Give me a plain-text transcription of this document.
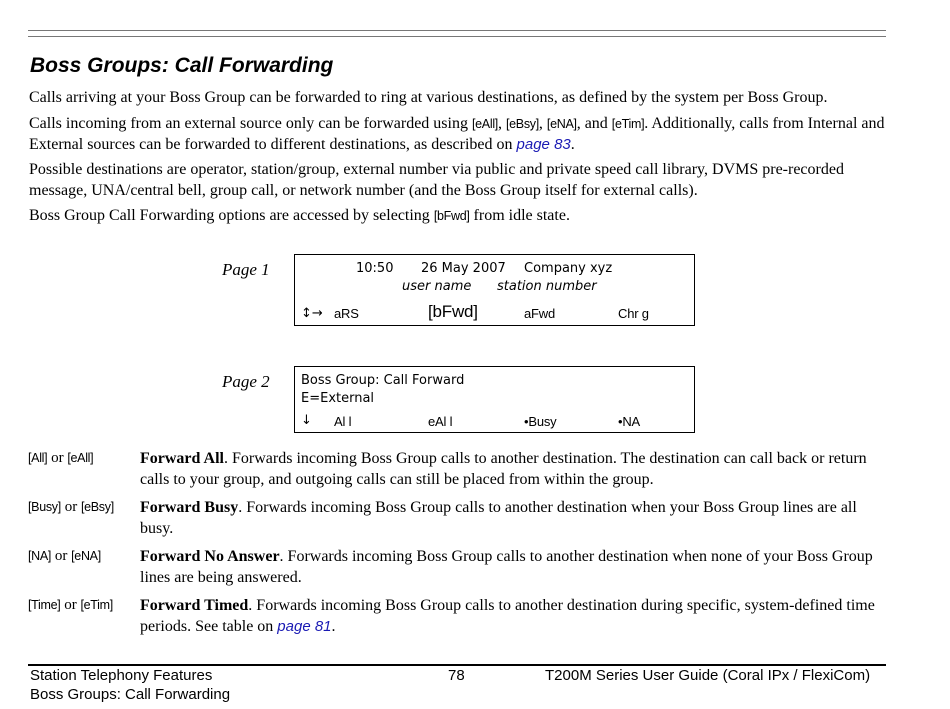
Boss Groups: Call Forwarding
Calls arriving at your Boss Group can be forwarded to ring at various destinations, as defined by the system per Boss Group.
Calls incoming from an external source only can be forwarded using [eAll], [eBsy], [eNA], and [eTim]. Additionally, calls from Internal and External sources can be forwarded to different destinations, as described on page 83.
Possible destinations are operator, station/group, external number via public and private speed call library, DVMS pre-recorded message, UNA/central bell, group call, or network number (and the Boss Group itself for external calls).
Boss Group Call Forwarding options are accessed by selecting [bFwd] from idle state.
Page 1	10:50 26 May 2007 Company xyz
user name station number
↕→ aRS	[bFwd]	aFwd	Chr g
Page 2 Boss Group: Call Forward
E=External
↓ Al l	eAl l	•Busy	•NA
[All] or [eAll]	Forward All. Forwards incoming Boss Group calls to another destination. The destination can call back or return calls to your group, and outgoing calls can still be placed from within the group.
[Busy] or [eBsy] Forward Busy. Forwards incoming Boss Group calls to another destination when your Boss Group lines are all busy.
[NA] or [eNA] Forward No Answer. Forwards incoming Boss Group calls to another destination when none of your Boss Group lines are being answered.
[Time] or [eTim] Forward Timed. Forwards incoming Boss Group calls to another destination during specific, system-defined time periods. See table on page 81.
Station Telephony Features
Boss Groups: Call Forwarding
78	T200M Series User Guide (Coral IPx / FlexiCom)
